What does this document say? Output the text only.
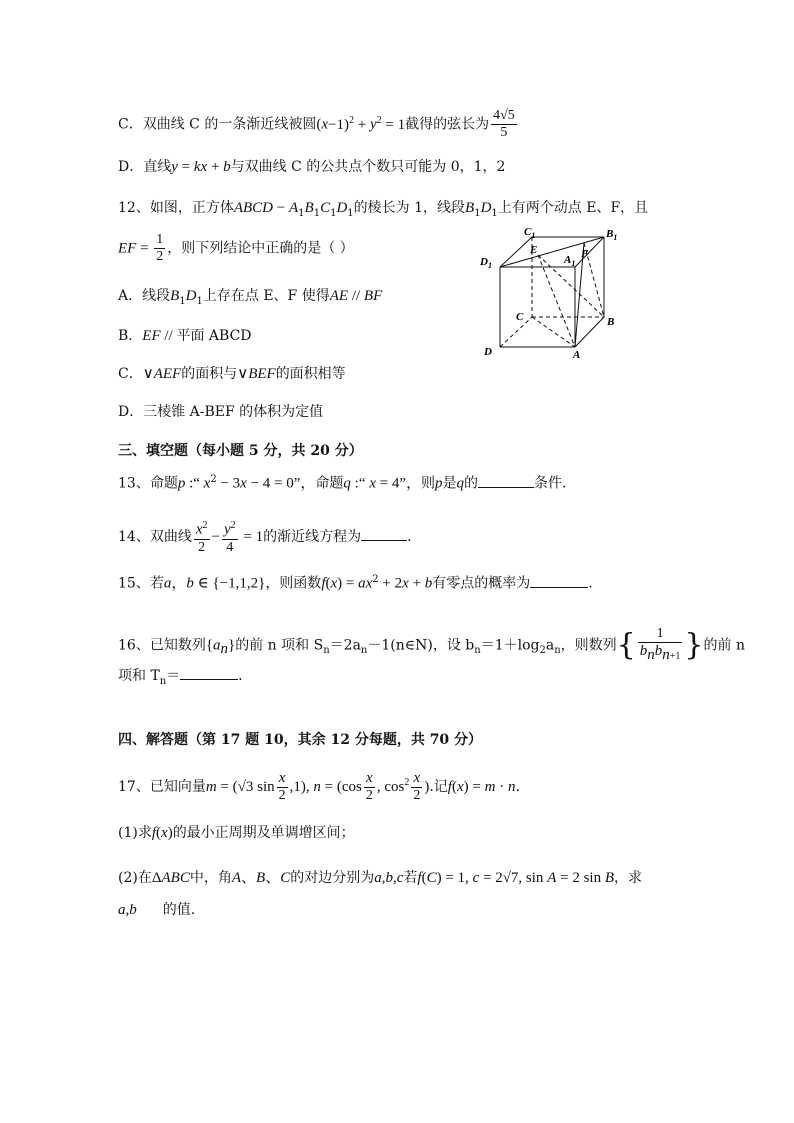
C．双曲线 C 的一条渐近线被圆$(x-1)^2 + y^2 = 1$截得的弦长为 $\frac{4√5}{5}$
D．直线y = kx + b与双曲线 C 的公共点个数只可能为 0，1，2
12、如图，正方体ABCD − $A_1B_1C_1D_1$的棱长为 1，线段$B_1D_1$上有两个动点 E、F，且
EF = $\frac{1}{2}$ ，则下列结论中正确的是（ ）
A．线段$B_1D_1$上存在点 E、F 使得AE // BF
B．EF // 平面 ABCD
C．∨AEF的面积与∨BEF的面积相等
D．三棱锥 A-BEF 的体积为定值
$C_1$	$B_1$
$D_1$	$A_1$
E	F
C	B
D	A
三、填空题（每小题 5 分，共 20 分）
13、命题p :“ $x^2 - 3x - 4 = 0$”，命题q :“ x = 4”，则p是q的	条件.
14、双曲线 $\frac{x^2}{2} - \frac{y^2}{4} = 1$的渐近线方程为	.
15、若a，b ∈ {−1,1,2}，则函数$f(x) = ax^2 + 2x + b$有零点的概率为	.
16、已知数列$\{a_n\}$的前 n 项和 $S_n=2a_n-1(n\in N)$，设 $b_n=1+\log_2a_n$，则数列{ $\frac{1}{b_nb_{n+1}}$ }的前 n
项和 $T_n=$	．
四、解答题（第 17 题 10，其余 12 分每题，共 70 分）
17、已知向量m = (√3 $\sin \frac{x}{2} ,1$), $n = (\cos \frac{x}{2}$ , $\cos^2 \frac{x}{2}$ ).记f(x) = m · n.
(1)求f(x)的最小正周期及单调增区间；
(2)在ΔABC中，角A、B、C的对边分别为a,b,c若f(C) = 1, c = 2√7, sin A = 2 sin B，求
a,b 的值.
